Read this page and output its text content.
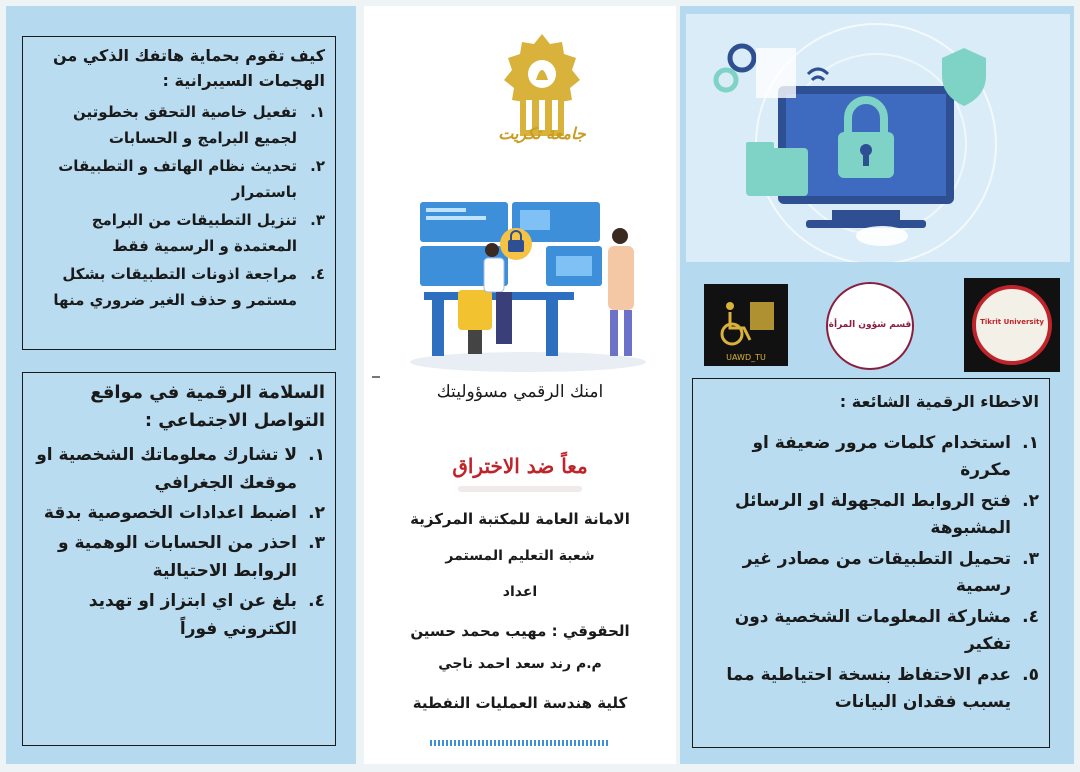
كيف تقوم بحماية هاتفك الذكي من الهجمات السيبرانية :
١.
تفعيل خاصية التحقق بخطوتين لجميع البرامج و الحسابات
٢.
تحديث نظام الهاتف و التطبيقات باستمرار
٣.
تنزيل التطبيقات من البرامج المعتمدة و الرسمية فقط
٤.
مراجعة اذونات التطبيقات بشكل مستمر و حذف الغير ضروري منها
السلامة الرقمية في مواقع التواصل الاجتماعي :
١.
لا تشارك معلوماتك الشخصية او موقعك الجغرافي
٢.
اضبط اعدادات الخصوصية بدقة
٣.
احذر من الحسابات الوهمية و الروابط الاحتيالية
٤.
بلغ عن اي ابتزاز او تهديد الكتروني فوراً
جامعة تكريت
امنك الرقمي مسؤوليتك
معاً ضد الاختراق
الامانة العامة للمكتبة المركزية
شعبة التعليم المستمر
اعداد
الحقوقي : مهيب محمد حسين
م.م رند سعد احمد ناجي
كلية هندسة العمليات النفطية
UAWD_TU
قسم شؤون المرأة	Tikrit University
الاخطاء الرقمية الشائعة :
١.
استخدام كلمات مرور ضعيفة او مكررة
٢.
فتح الروابط المجهولة او الرسائل المشبوهة
٣.
تحميل التطبيقات من مصادر غير رسمية
٤.
مشاركة المعلومات الشخصية دون تفكير
٥.
عدم الاحتفاظ بنسخة احتياطية مما يسبب فقدان البيانات
